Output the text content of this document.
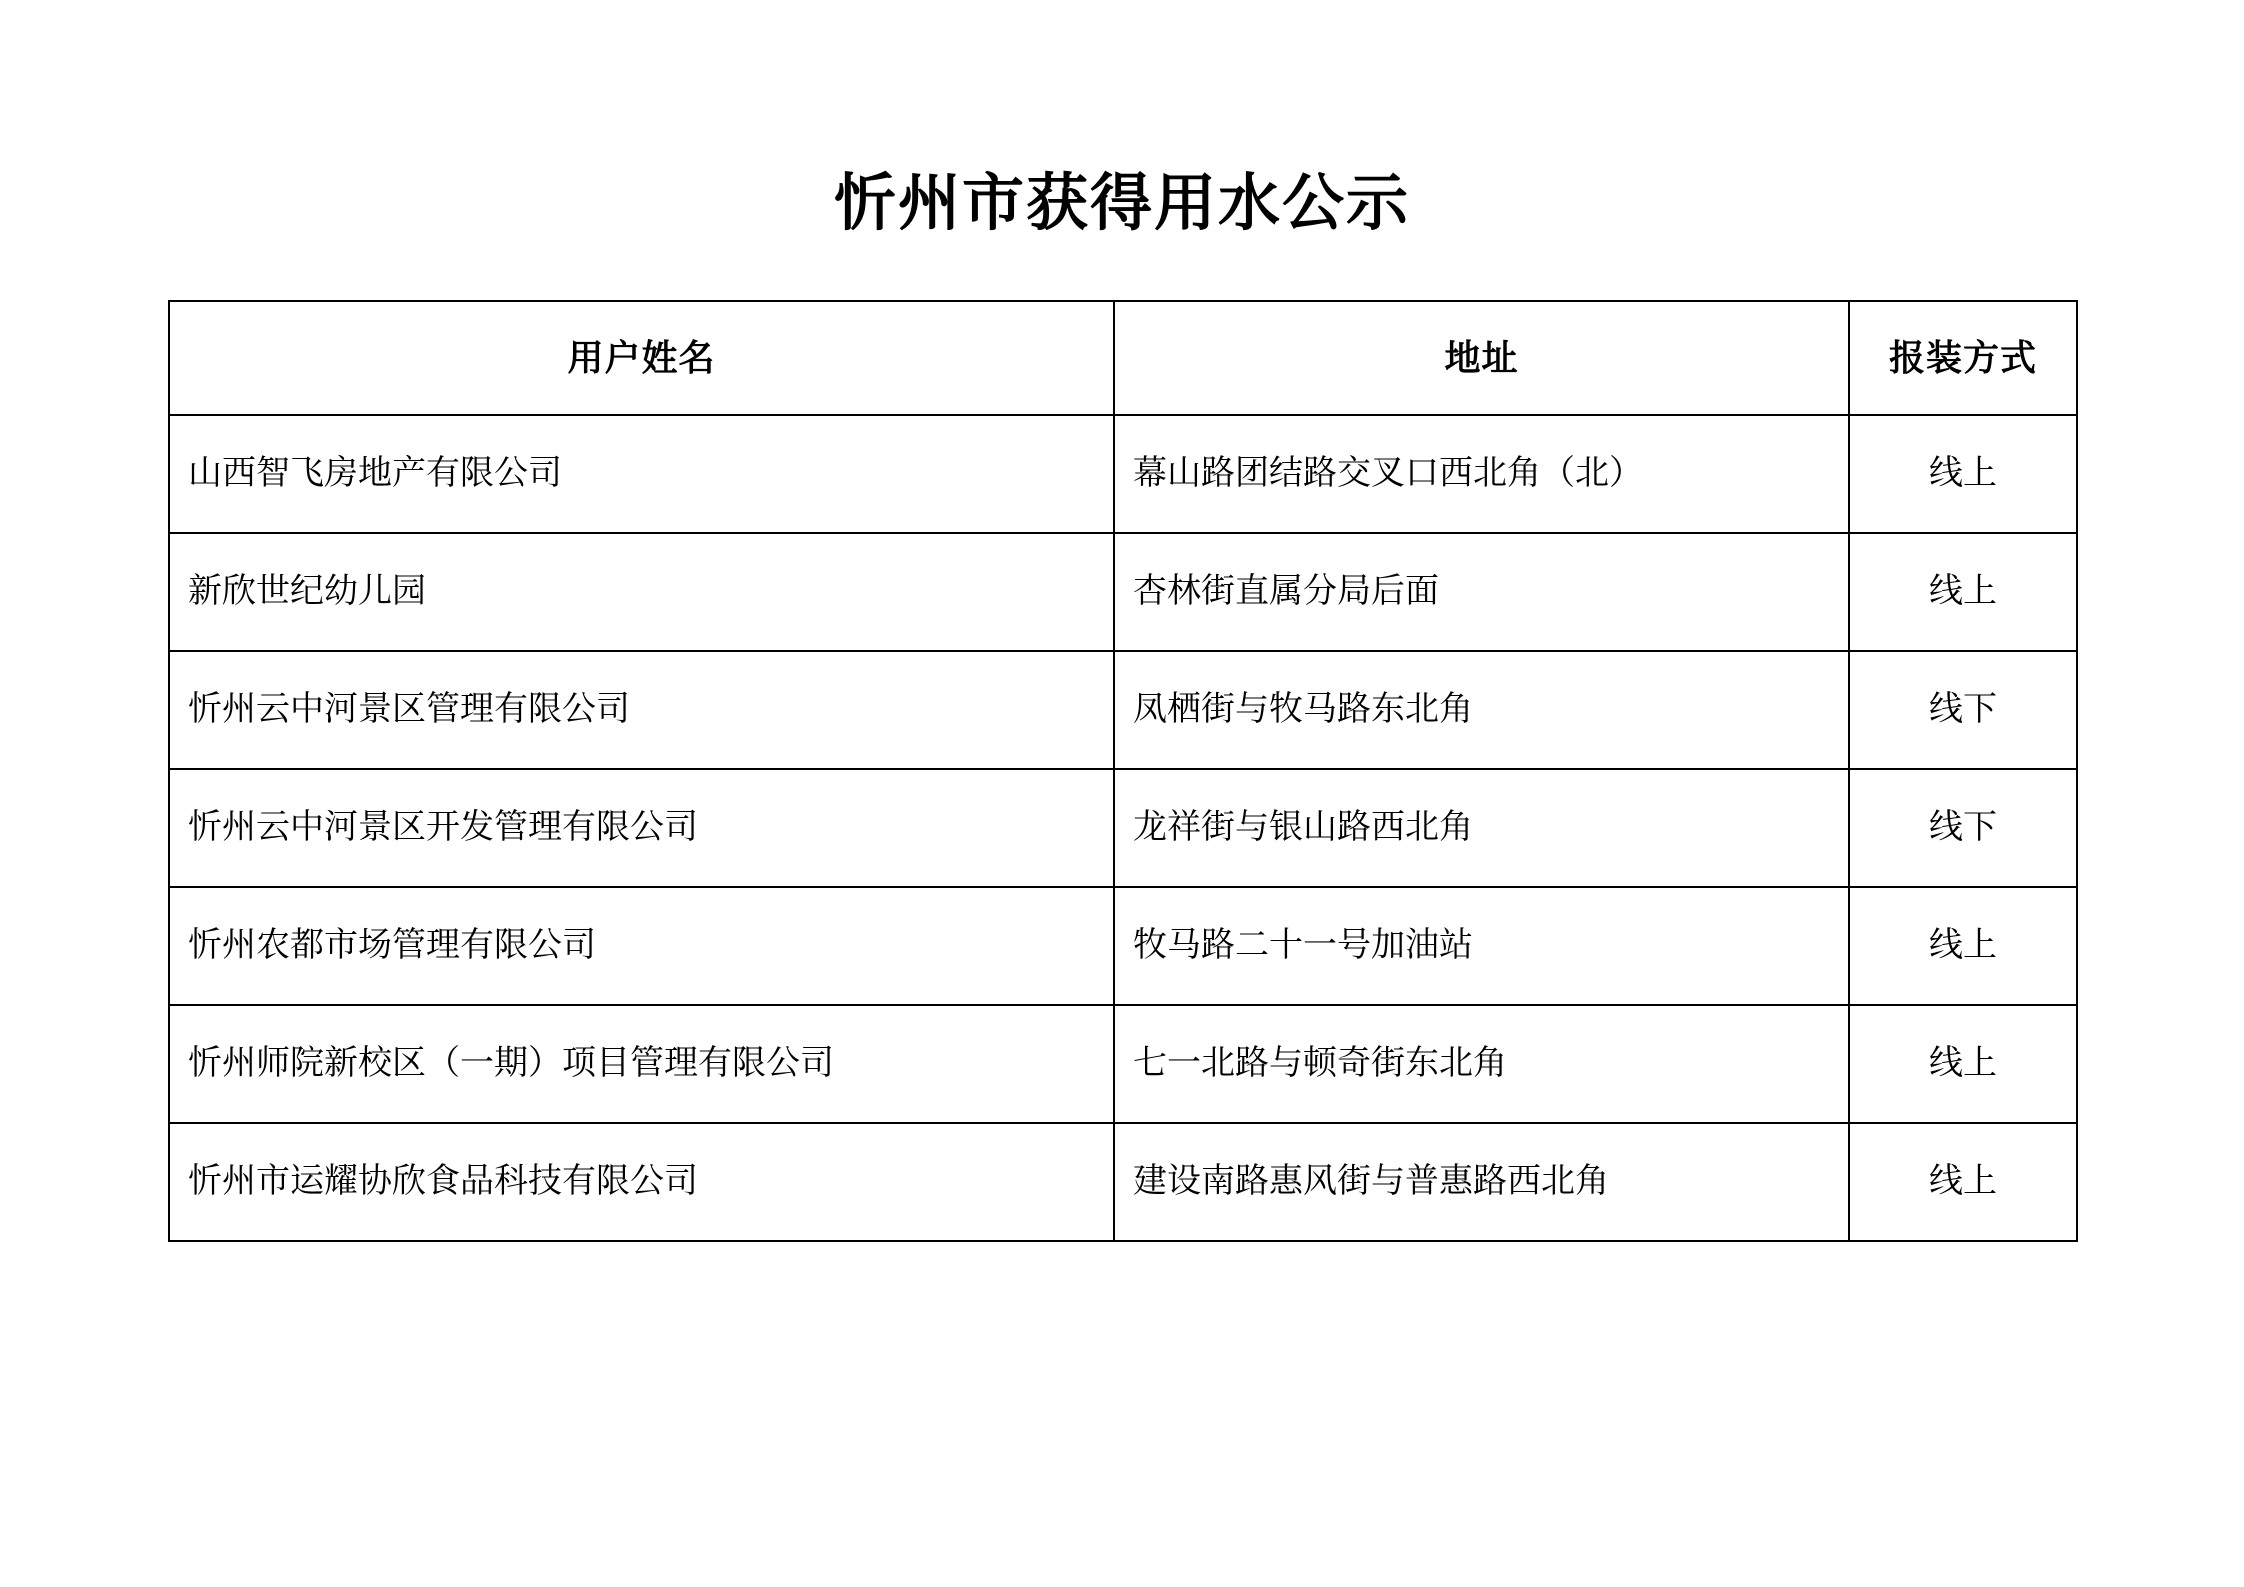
忻州市获得用水公示
用户姓名	地址	报装方式
山西智飞房地产有限公司	幕山路团结路交叉口西北角（北）	线上
新欣世纪幼儿园	杏林街直属分局后面	线上
忻州云中河景区管理有限公司	凤栖街与牧马路东北角	线下
忻州云中河景区开发管理有限公司	龙祥街与银山路西北角	线下
忻州农都市场管理有限公司	牧马路二十一号加油站	线上
忻州师院新校区（一期）项目管理有限公司	七一北路与顿奇街东北角	线上
忻州市运耀协欣食品科技有限公司	建设南路惠风街与普惠路西北角	线上
